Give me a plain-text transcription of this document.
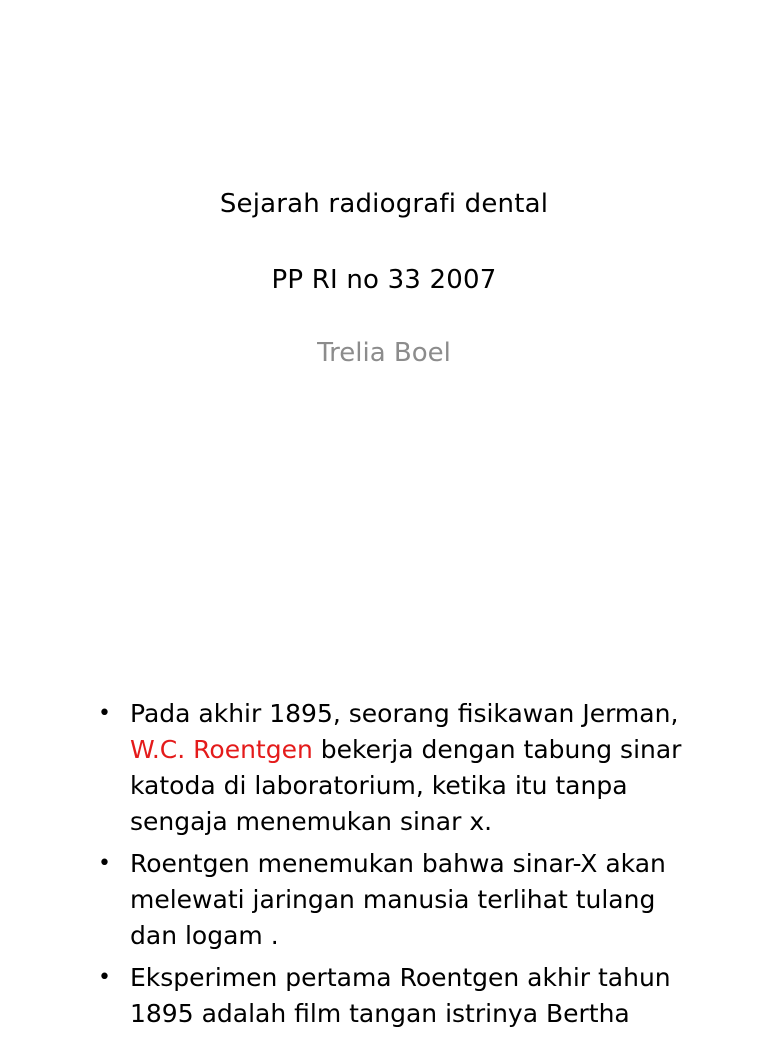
Sejarah radiografi dental
PP RI no 33 2007
Trelia Boel
• Pada akhir 1895, seorang fisikawan Jerman, W.C. Roentgen bekerja dengan tabung sinar katoda di laboratorium, ketika itu tanpa sengaja menemukan sinar x.
• Roentgen menemukan bahwa sinar-X akan melewati jaringan manusia terlihat tulang dan logam .
• Eksperimen pertama Roentgen akhir tahun 1895 adalah film tangan istrinya Bertha
